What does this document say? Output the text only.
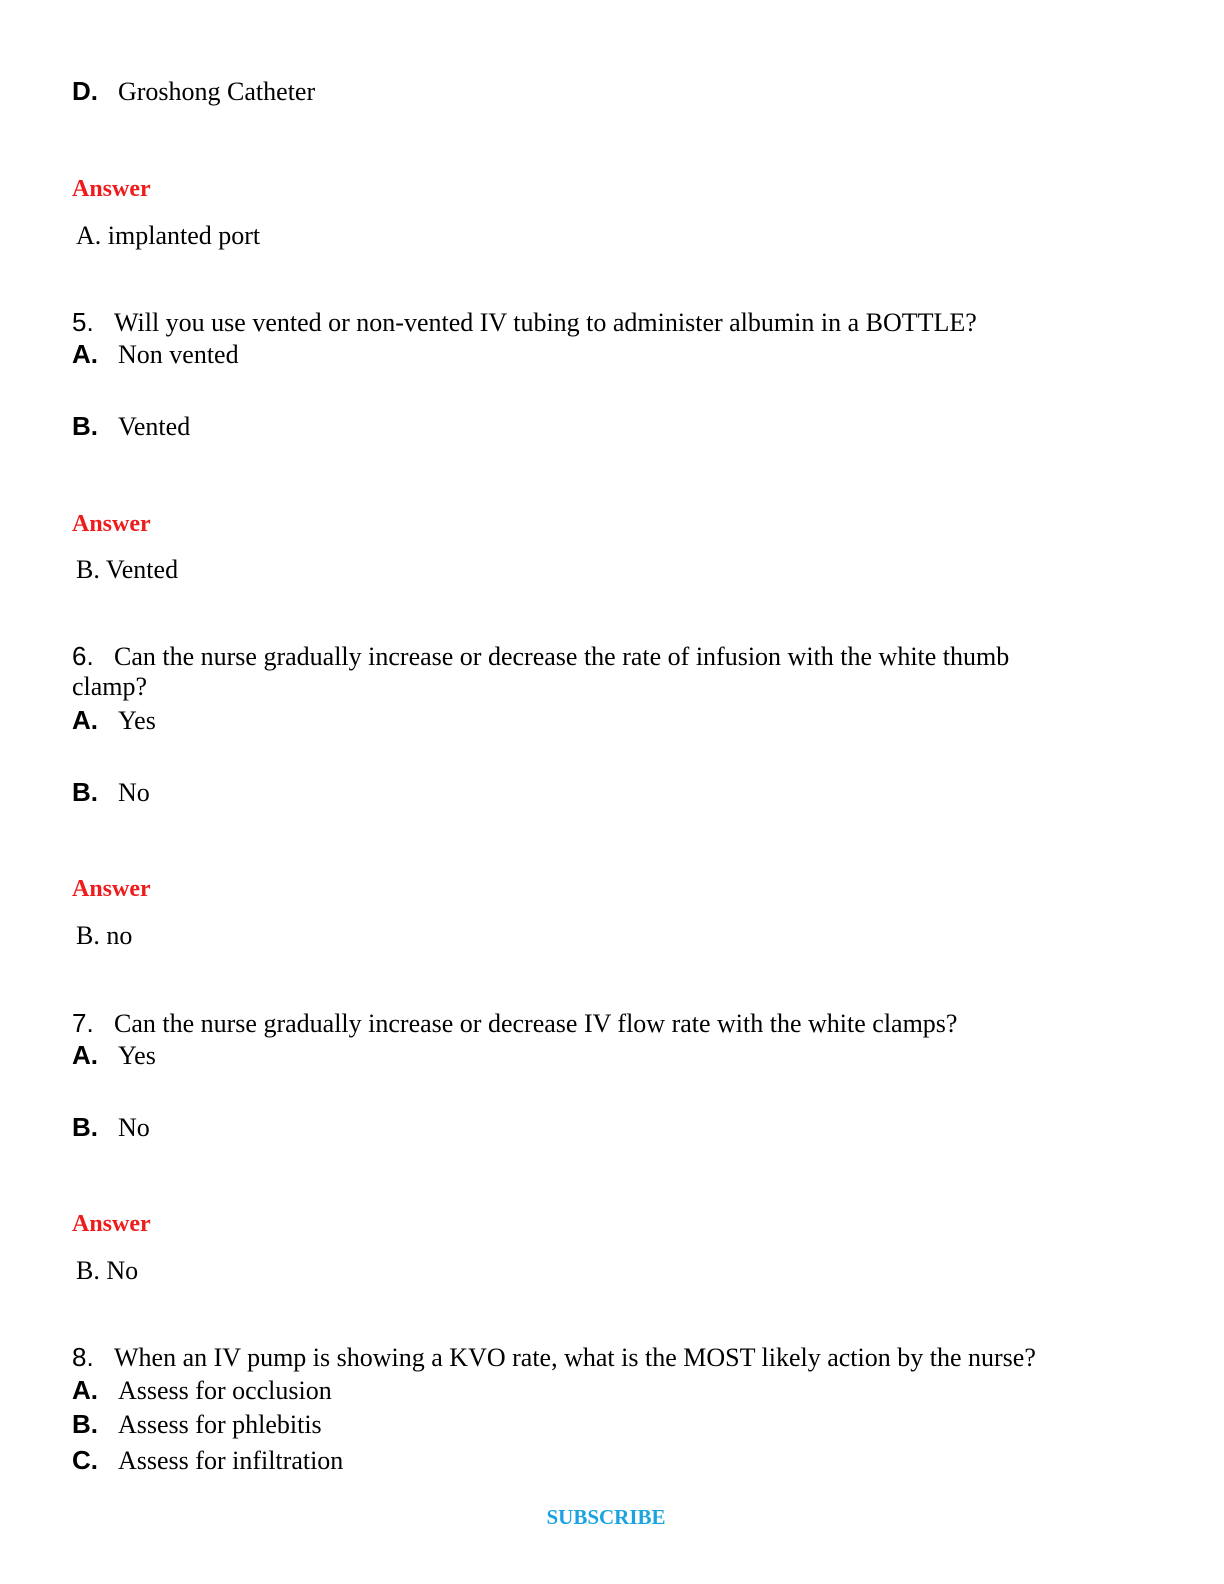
D. Groshong Catheter
Answer
A. implanted port
5. Will you use vented or non-vented IV tubing to administer albumin in a BOTTLE?
A. Non vented
B. Vented
Answer
B. Vented
6. Can the nurse gradually increase or decrease the rate of infusion with the white thumb
clamp?
A. Yes
B. No
Answer
B. no
7. Can the nurse gradually increase or decrease IV flow rate with the white clamps?
A. Yes
B. No
Answer
B. No
8. When an IV pump is showing a KVO rate, what is the MOST likely action by the nurse?
A. Assess for occlusion
B. Assess for phlebitis
C. Assess for infiltration
SUBSCRIBE
